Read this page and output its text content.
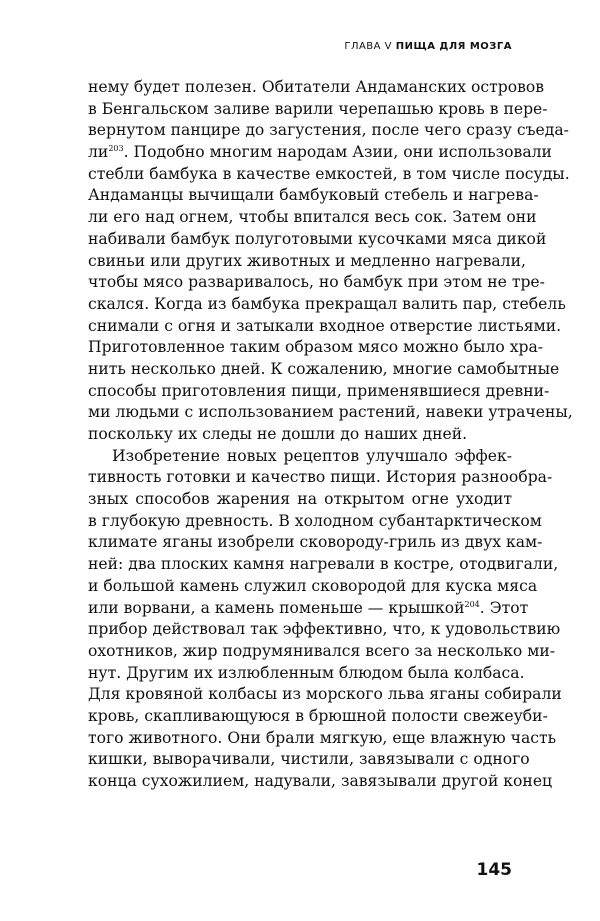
ГЛАВА V ПИЩА ДЛЯ МОЗГА
нему будет полезен. Обитатели Андаманских островов
в Бенгальском заливе варили черепашью кровь в пере-
вернутом панцире до загустения, после чего сразу съеда-
$ли^{203}$. Подобно многим народам Азии, они использовали
стебли бамбука в качестве емкостей, в том числе посуды.
Андаманцы вычищали бамбуковый стебель и нагрева-
ли его над огнем, чтобы впитался весь сок. Затем они
набивали бамбук полуготовыми кусочками мяса дикой
свиньи или других животных и медленно нагревали,
чтобы мясо разваривалось, но бамбук при этом не тре-
скался. Когда из бамбука прекращал валить пар, стебель
снимали с огня и затыкали входное отверстие листьями.
Приготовленное таким образом мясо можно было хра-
нить несколько дней. К сожалению, многие самобытные
способы приготовления пищи, применявшиеся древни-
ми людьми с использованием растений, навеки утрачены,
поскольку их следы не дошли до наших дней.
Изобретение новых рецептов улучшало эффек-
тивность готовки и качество пищи. История разнообра-
зных способов жарения на открытом огне уходит
в глубокую древность. В холодном субантарктическом
климате яганы изобрели сковороду-гриль из двух кам-
ней: два плоских камня нагревали в костре, отодвигали,
и большой камень служил сковородой для куска мяса
или ворвани, а камень поменьше — крышкой$^{204}$. Этот
прибор действовал так эффективно, что, к удовольствию
охотников, жир подрумянивался всего за несколько ми-
нут. Другим их излюбленным блюдом была колбаса.
Для кровяной колбасы из морского льва яганы собирали
кровь, скапливающуюся в брюшной полости свежеуби-
того животного. Они брали мягкую, еще влажную часть
кишки, выворачивали, чистили, завязывали с одного
конца сухожилием, надували, завязывали другой конец
145
